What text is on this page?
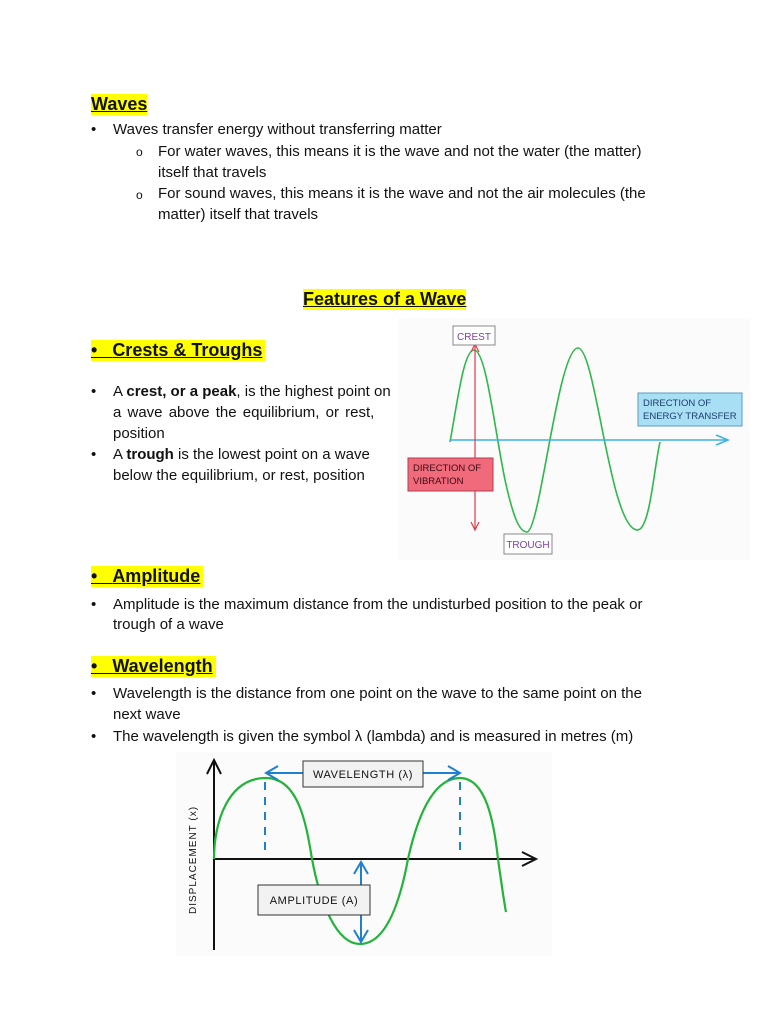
Waves
• Waves transfer energy without transferring matter
o For water waves, this means it is the wave and not the water (the matter)
itself that travels
o For sound waves, this means it is the wave and not the air molecules (the
matter) itself that travels
Features of a Wave
•   Crests & Troughs
• A crest, or a peak, is the highest point on
a wave above the equilibrium, or rest,
position
• A trough is the lowest point on a wave
below the equilibrium, or rest, position
CREST
TROUGH
DIRECTION OF
ENERGY TRANSFER
DIRECTION OF
VIBRATION
•   Amplitude
• Amplitude is the maximum distance from the undisturbed position to the peak or
trough of a wave
•   Wavelength
• Wavelength is the distance from one point on the wave to the same point on the
next wave
• The wavelength is given the symbol λ (lambda) and is measured in metres (m)
DISPLACEMENT (x)
WAVELENGTH (λ)
AMPLITUDE (A)
